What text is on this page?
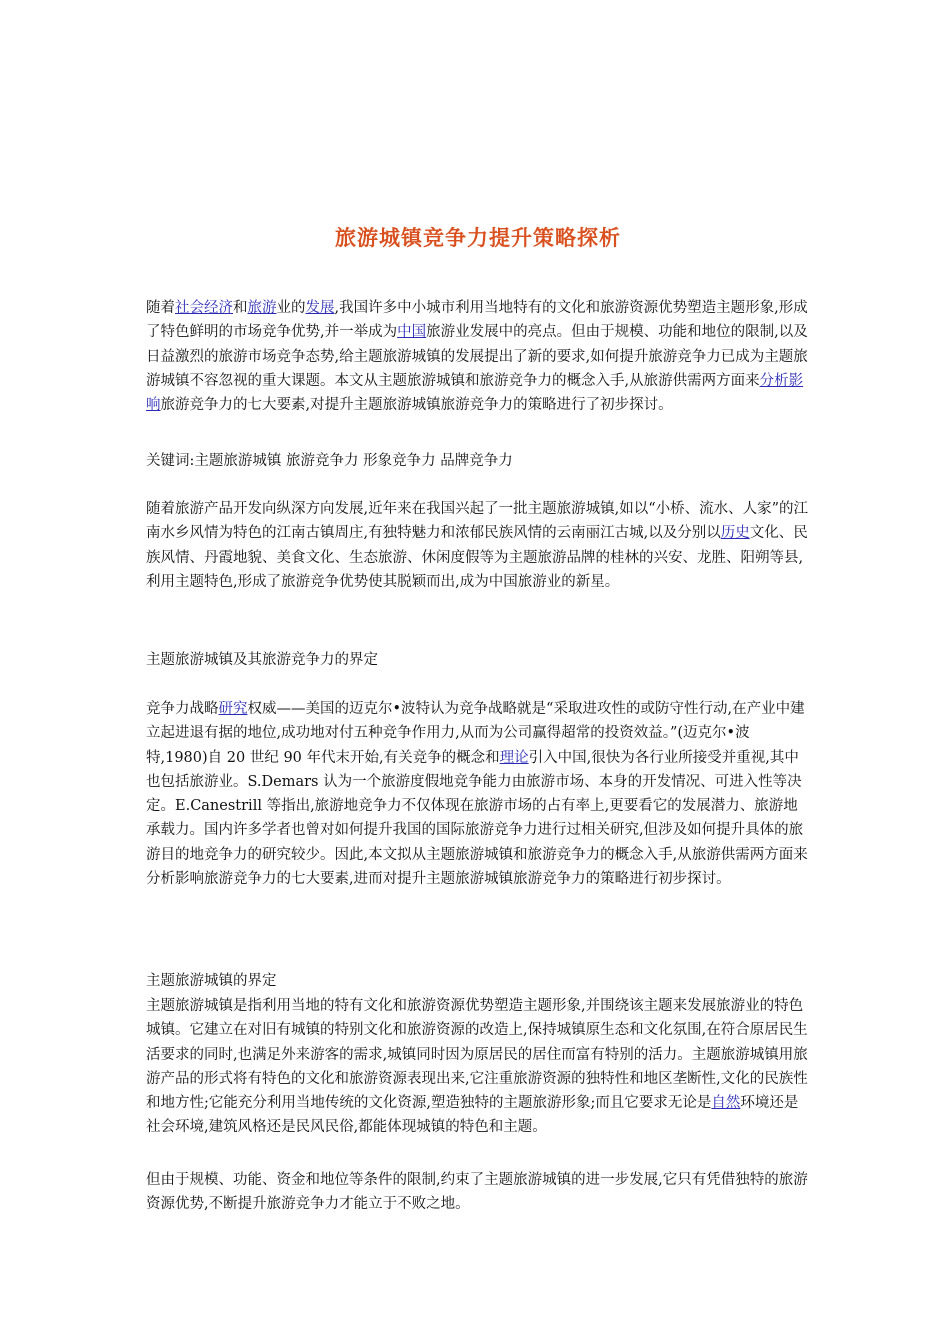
旅游城镇竞争力提升策略探析

随着社会经济和旅游业的发展,我国许多中小城市利用当地特有的文化和旅游资源优势塑造主题形象,形成了特色鲜明的市场竞争优势,并一举成为中国旅游业发展中的亮点。但由于规模、功能和地位的限制,以及日益激烈的旅游市场竞争态势,给主题旅游城镇的发展提出了新的要求,如何提升旅游竞争力已成为主题旅游城镇不容忽视的重大课题。本文从主题旅游城镇和旅游竞争力的概念入手,从旅游供需两方面来分析影响旅游竞争力的七大要素,对提升主题旅游城镇旅游竞争力的策略进行了初步探讨。

关键词:主题旅游城镇 旅游竞争力 形象竞争力 品牌竞争力

随着旅游产品开发向纵深方向发展,近年来在我国兴起了一批主题旅游城镇,如以“小桥、流水、人家”的江南水乡风情为特色的江南古镇周庄,有独特魅力和浓郁民族风情的云南丽江古城,以及分别以历史文化、民族风情、丹霞地貌、美食文化、生态旅游、休闲度假等为主题旅游品牌的桂林的兴安、龙胜、阳朔等县,利用主题特色,形成了旅游竞争优势使其脱颖而出,成为中国旅游业的新星。

主题旅游城镇及其旅游竞争力的界定

竞争力战略研究权威——美国的迈克尔•波特认为竞争战略就是“采取进攻性的或防守性行动,在产业中建立起进退有据的地位,成功地对付五种竞争作用力,从而为公司赢得超常的投资效益。”(迈克尔•波特,1980)自 20 世纪 90 年代末开始,有关竞争的概念和理论引入中国,很快为各行业所接受并重视,其中也包括旅游业。S.Demars 认为一个旅游度假地竞争能力由旅游市场、本身的开发情况、可进入性等决定。E.Canestrill 等指出,旅游地竞争力不仅体现在旅游市场的占有率上,更要看它的发展潜力、旅游地承载力。国内许多学者也曾对如何提升我国的国际旅游竞争力进行过相关研究,但涉及如何提升具体的旅游目的地竞争力的研究较少。因此,本文拟从主题旅游城镇和旅游竞争力的概念入手,从旅游供需两方面来分析影响旅游竞争力的七大要素,进而对提升主题旅游城镇旅游竞争力的策略进行初步探讨。

主题旅游城镇的界定

主题旅游城镇是指利用当地的特有文化和旅游资源优势塑造主题形象,并围绕该主题来发展旅游业的特色城镇。它建立在对旧有城镇的特别文化和旅游资源的改造上,保持城镇原生态和文化氛围,在符合原居民生活要求的同时,也满足外来游客的需求,城镇同时因为原居民的居住而富有特别的活力。主题旅游城镇用旅游产品的形式将有特色的文化和旅游资源表现出来,它注重旅游资源的独特性和地区垄断性,文化的民族性和地方性;它能充分利用当地传统的文化资源,塑造独特的主题旅游形象;而且它要求无论是自然环境还是社会环境,建筑风格还是民风民俗,都能体现城镇的特色和主题。

但由于规模、功能、资金和地位等条件的限制,约束了主题旅游城镇的进一步发展,它只有凭借独特的旅游资源优势,不断提升旅游竞争力才能立于不败之地。
